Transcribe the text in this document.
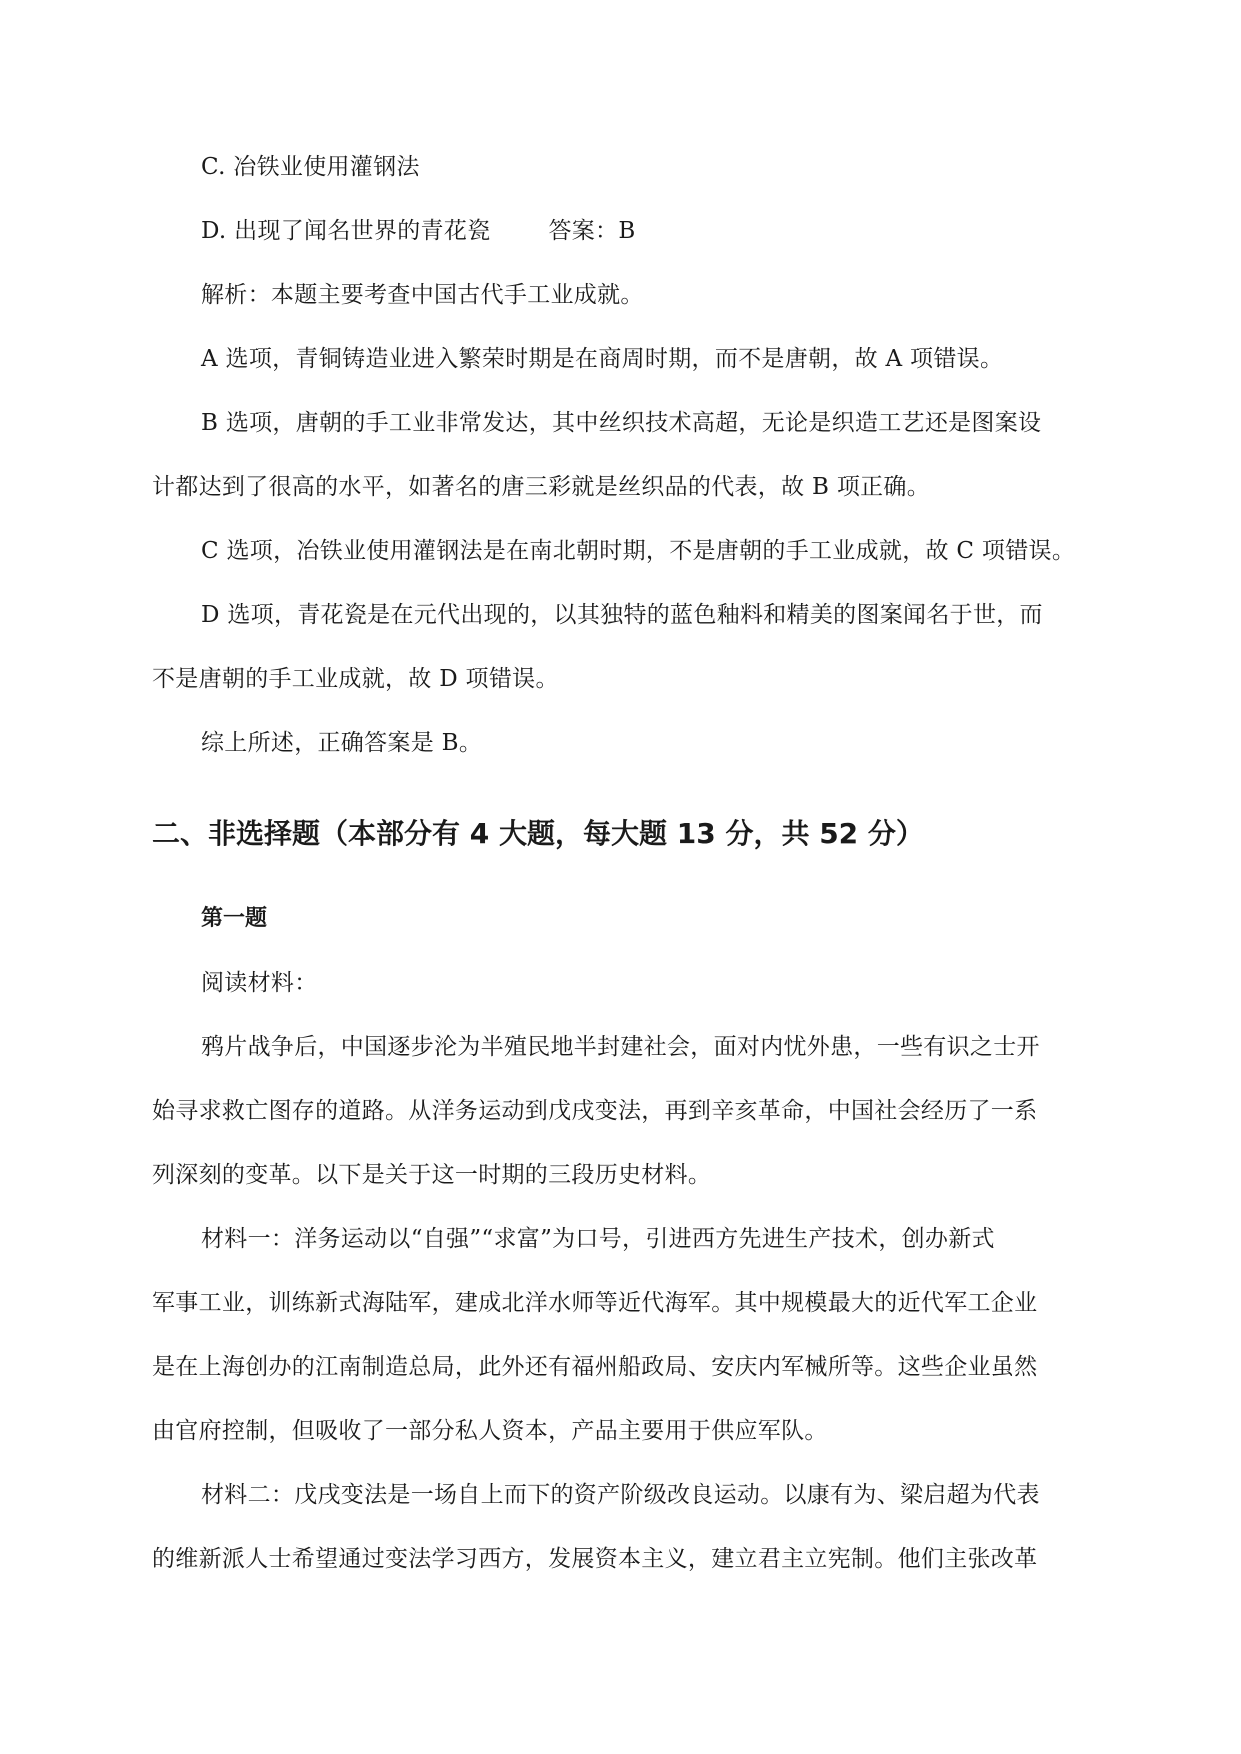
C. 冶铁业使用灌钢法
D. 出现了闻名世界的青花瓷	答案：B
解析：本题主要考查中国古代手工业成就。
A 选项，青铜铸造业进入繁荣时期是在商周时期，而不是唐朝，故 A 项错误。
B 选项，唐朝的手工业非常发达，其中丝织技术高超，无论是织造工艺还是图案设
计都达到了很高的水平，如著名的唐三彩就是丝织品的代表，故 B 项正确。
C 选项，冶铁业使用灌钢法是在南北朝时期，不是唐朝的手工业成就，故 C 项错误。
D 选项，青花瓷是在元代出现的，以其独特的蓝色釉料和精美的图案闻名于世，而
不是唐朝的手工业成就，故 D 项错误。
综上所述，正确答案是 B。
二、非选择题（本部分有 4 大题，每大题 13 分，共 52 分）
第一题
阅读材料：
鸦片战争后，中国逐步沦为半殖民地半封建社会，面对内忧外患，一些有识之士开
始寻求救亡图存的道路。从洋务运动到戊戌变法，再到辛亥革命，中国社会经历了一系
列深刻的变革。以下是关于这一时期的三段历史材料。
材料一：洋务运动以“自强”“求富”为口号，引进西方先进生产技术，创办新式
军事工业，训练新式海陆军，建成北洋水师等近代海军。其中规模最大的近代军工企业
是在上海创办的江南制造总局，此外还有福州船政局、安庆内军械所等。这些企业虽然
由官府控制，但吸收了一部分私人资本，产品主要用于供应军队。
材料二：戊戌变法是一场自上而下的资产阶级改良运动。以康有为、梁启超为代表
的维新派人士希望通过变法学习西方，发展资本主义，建立君主立宪制。他们主张改革
